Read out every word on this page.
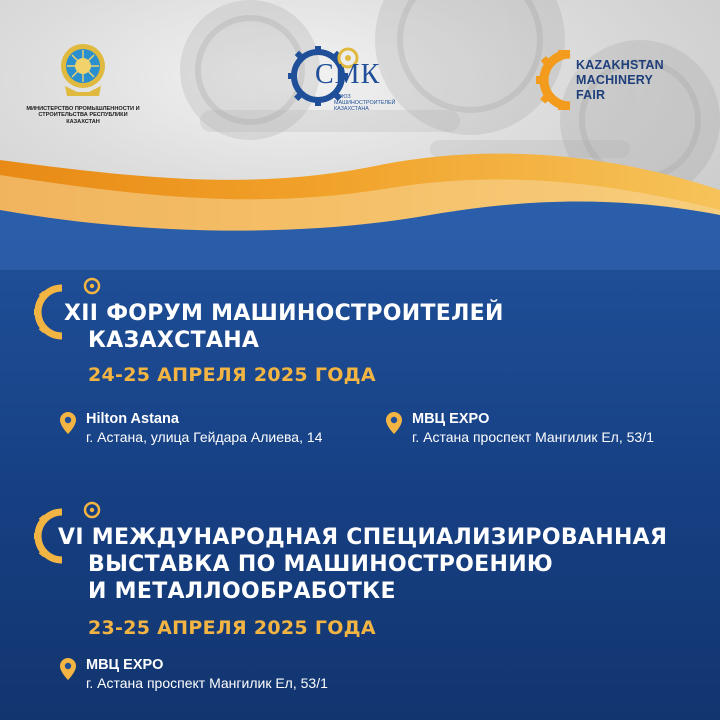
МИНИСТЕРСТВО ПРОМЫШЛЕННОСТИ И СТРОИТЕЛЬСТВА РЕСПУБЛИКИ КАЗАХСТАН
СМК
СОЮЗ МАШИНОСТРОИТЕЛЕЙ КАЗАХСТАНА
KAZAKHSTAN
MACHINERY FAIR
XII ФОРУМ МАШИНОСТРОИТЕЛЕЙ
КАЗАХСТАНА
24-25 АПРЕЛЯ 2025 ГОДА
Hilton Astana
г. Астана, улица Гейдара Алиева, 14
МВЦ EXPO
г. Астана проспект Мангилик Ел, 53/1
VI МЕЖДУНАРОДНАЯ СПЕЦИАЛИЗИРОВАННАЯ
ВЫСТАВКА ПО МАШИНОСТРОЕНИЮ
И МЕТАЛЛООБРАБОТКЕ
23-25 АПРЕЛЯ 2025 ГОДА
МВЦ EXPO
г. Астана проспект Мангилик Ел, 53/1
